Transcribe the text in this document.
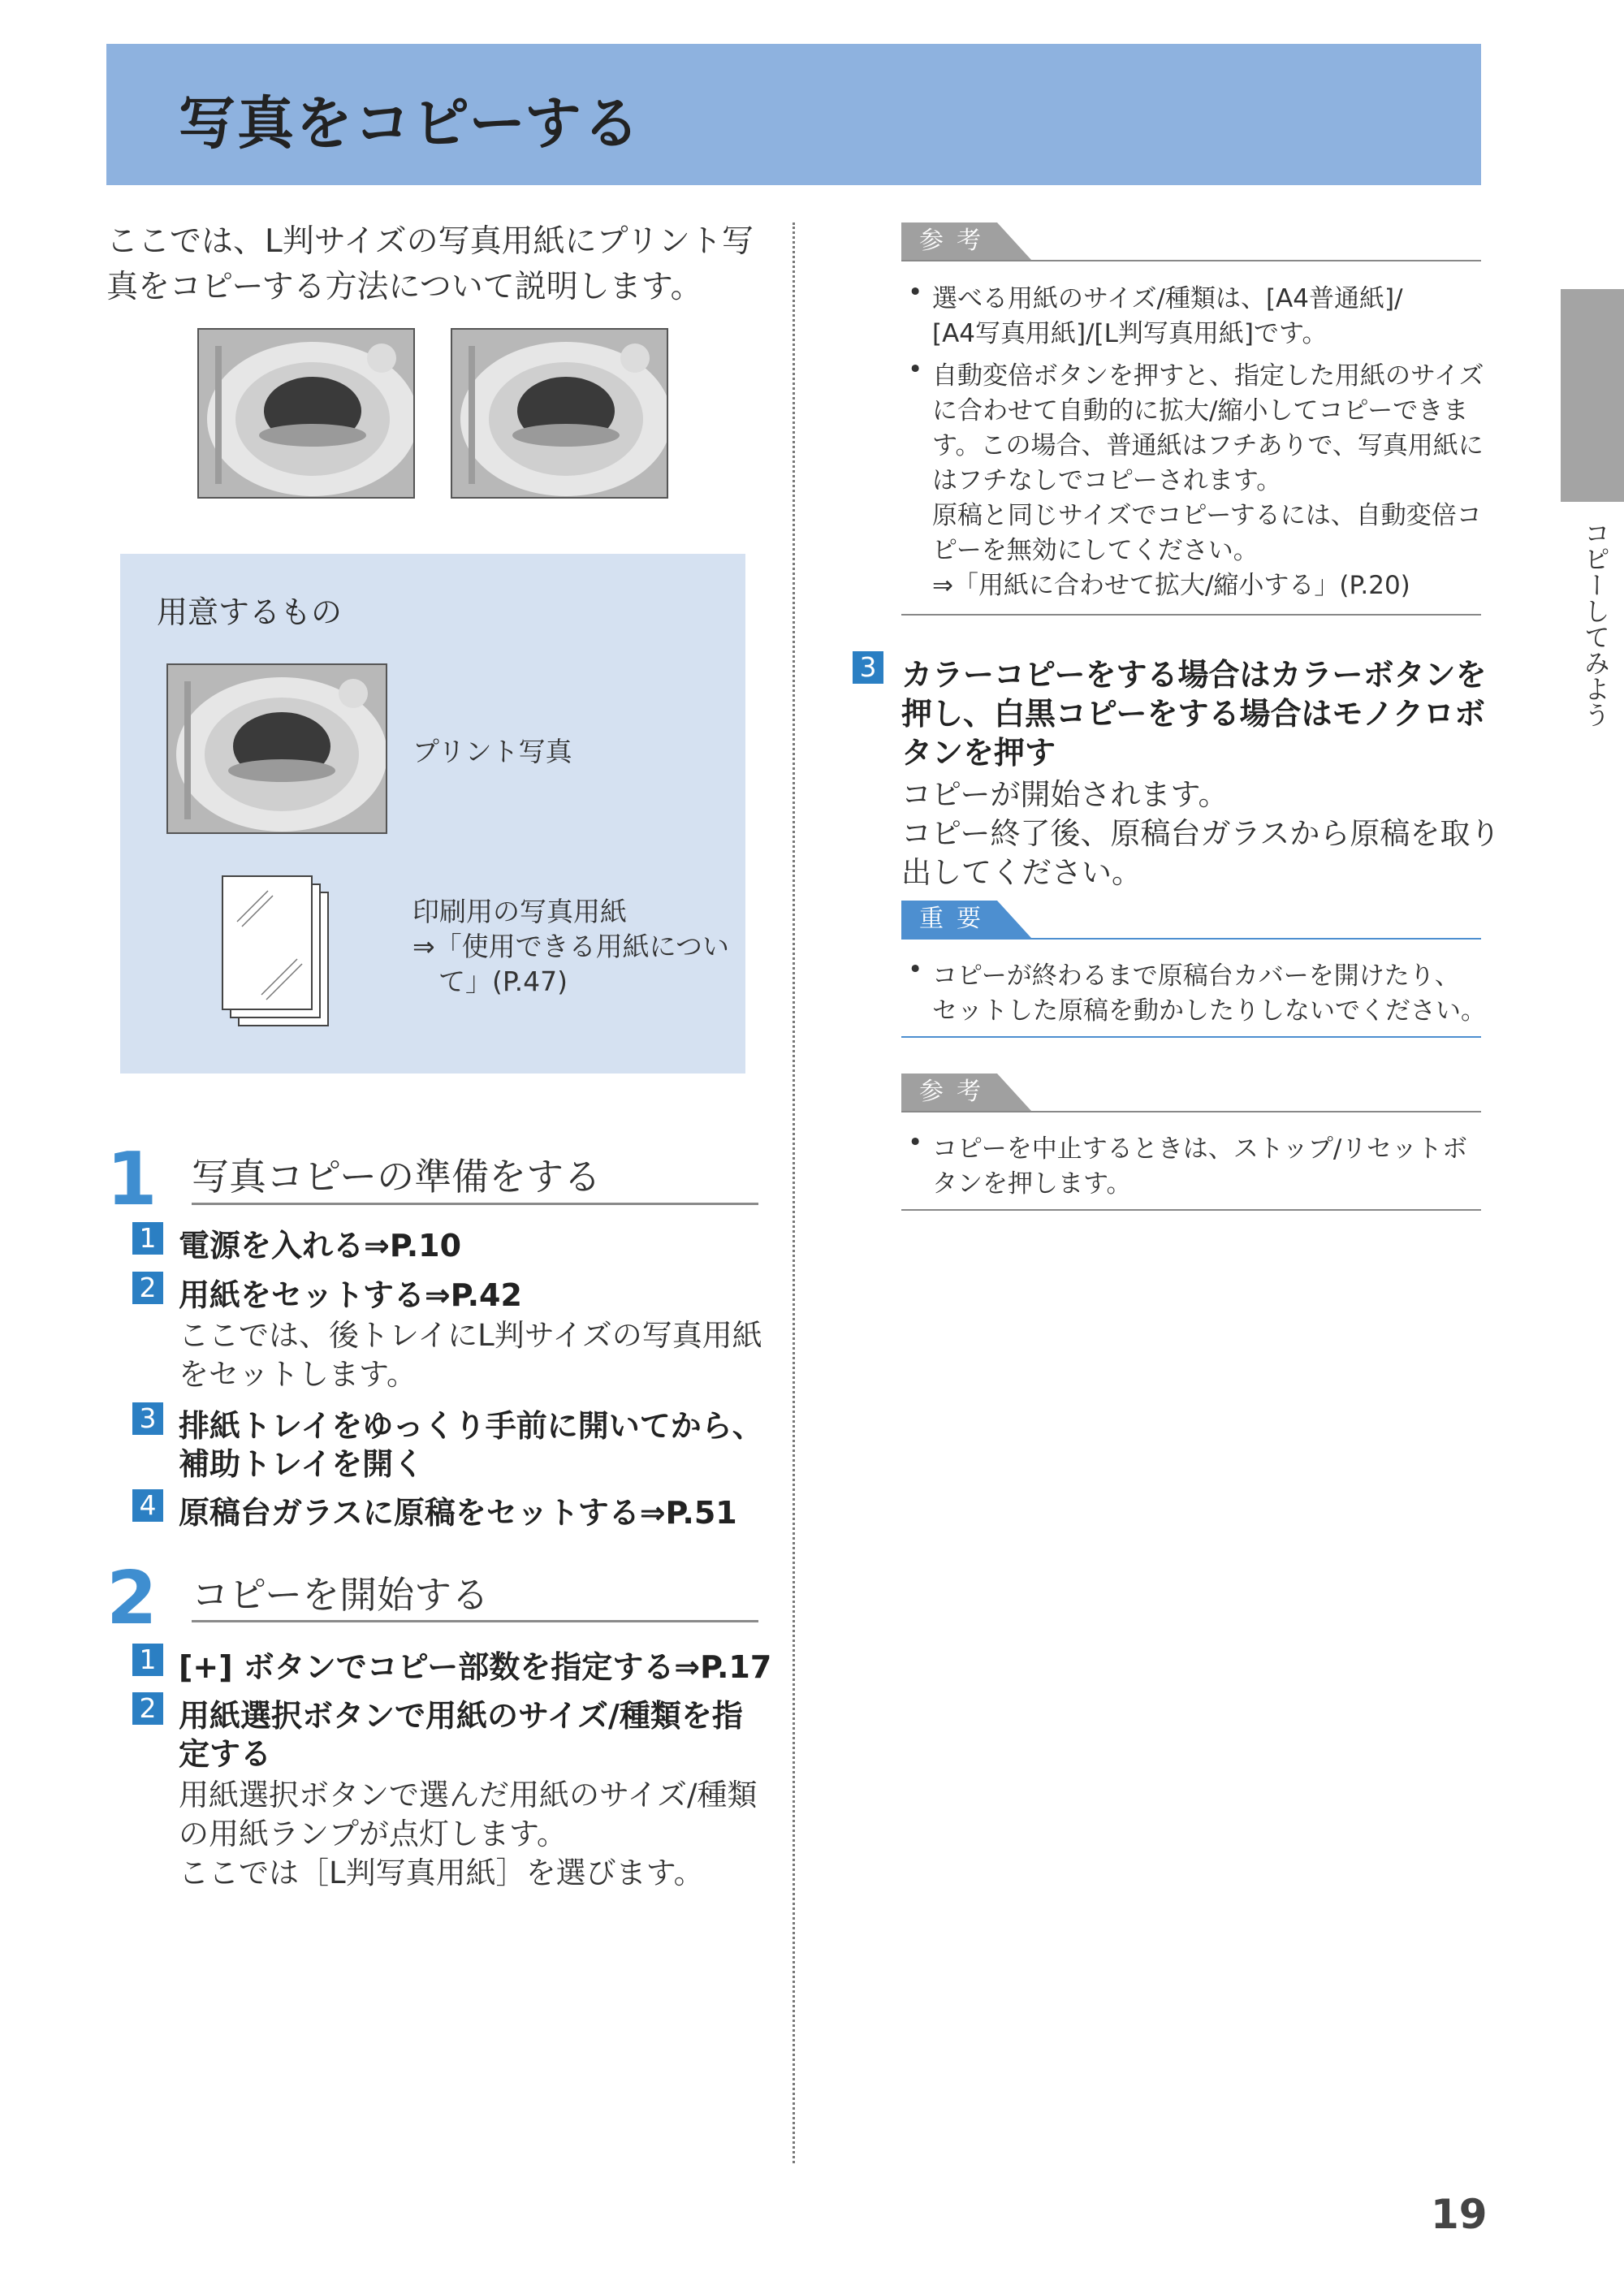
写真をコピーする
ここでは、L判サイズの写真用紙にプリント写
真をコピーする方法について説明します。
用意するもの
プリント写真
印刷用の写真用紙
⇒「使用できる用紙につい
て」(P.47)
1 写真コピーの準備をする
1 電源を入れる⇒P.10
2 用紙をセットする⇒P.42
ここでは、後トレイにL判サイズの写真用紙
をセットします。
3 排紙トレイをゆっくり手前に開いてから、
補助トレイを開く
4 原稿台ガラスに原稿をセットする⇒P.51
2 コピーを開始する
1 [+] ボタンでコピー部数を指定する⇒P.17
2 用紙選択ボタンで用紙のサイズ/種類を指
定する
用紙選択ボタンで選んだ用紙のサイズ/種類
の用紙ランプが点灯します。
ここでは［L判写真用紙］を選びます。
参考
• 選べる用紙のサイズ/種類は、[A4普通紙]/
[A4写真用紙]/[L判写真用紙]です。
• 自動変倍ボタンを押すと、指定した用紙のサイズ
に合わせて自動的に拡大/縮小してコピーできま
す。この場合、普通紙はフチありで、写真用紙に
はフチなしでコピーされます。
原稿と同じサイズでコピーするには、自動変倍コ
ピーを無効にしてください。
⇒「用紙に合わせて拡大/縮小する」(P.20)
3 カラーコピーをする場合はカラーボタンを
押し、白黒コピーをする場合はモノクロボ
タンを押す
コピーが開始されます。
コピー終了後、原稿台ガラスから原稿を取り
出してください。
重要
• コピーが終わるまで原稿台カバーを開けたり、
セットした原稿を動かしたりしないでください。
参考
• コピーを中止するときは、ストップ/リセットボ
タンを押します。
コピーしてみよう
19
